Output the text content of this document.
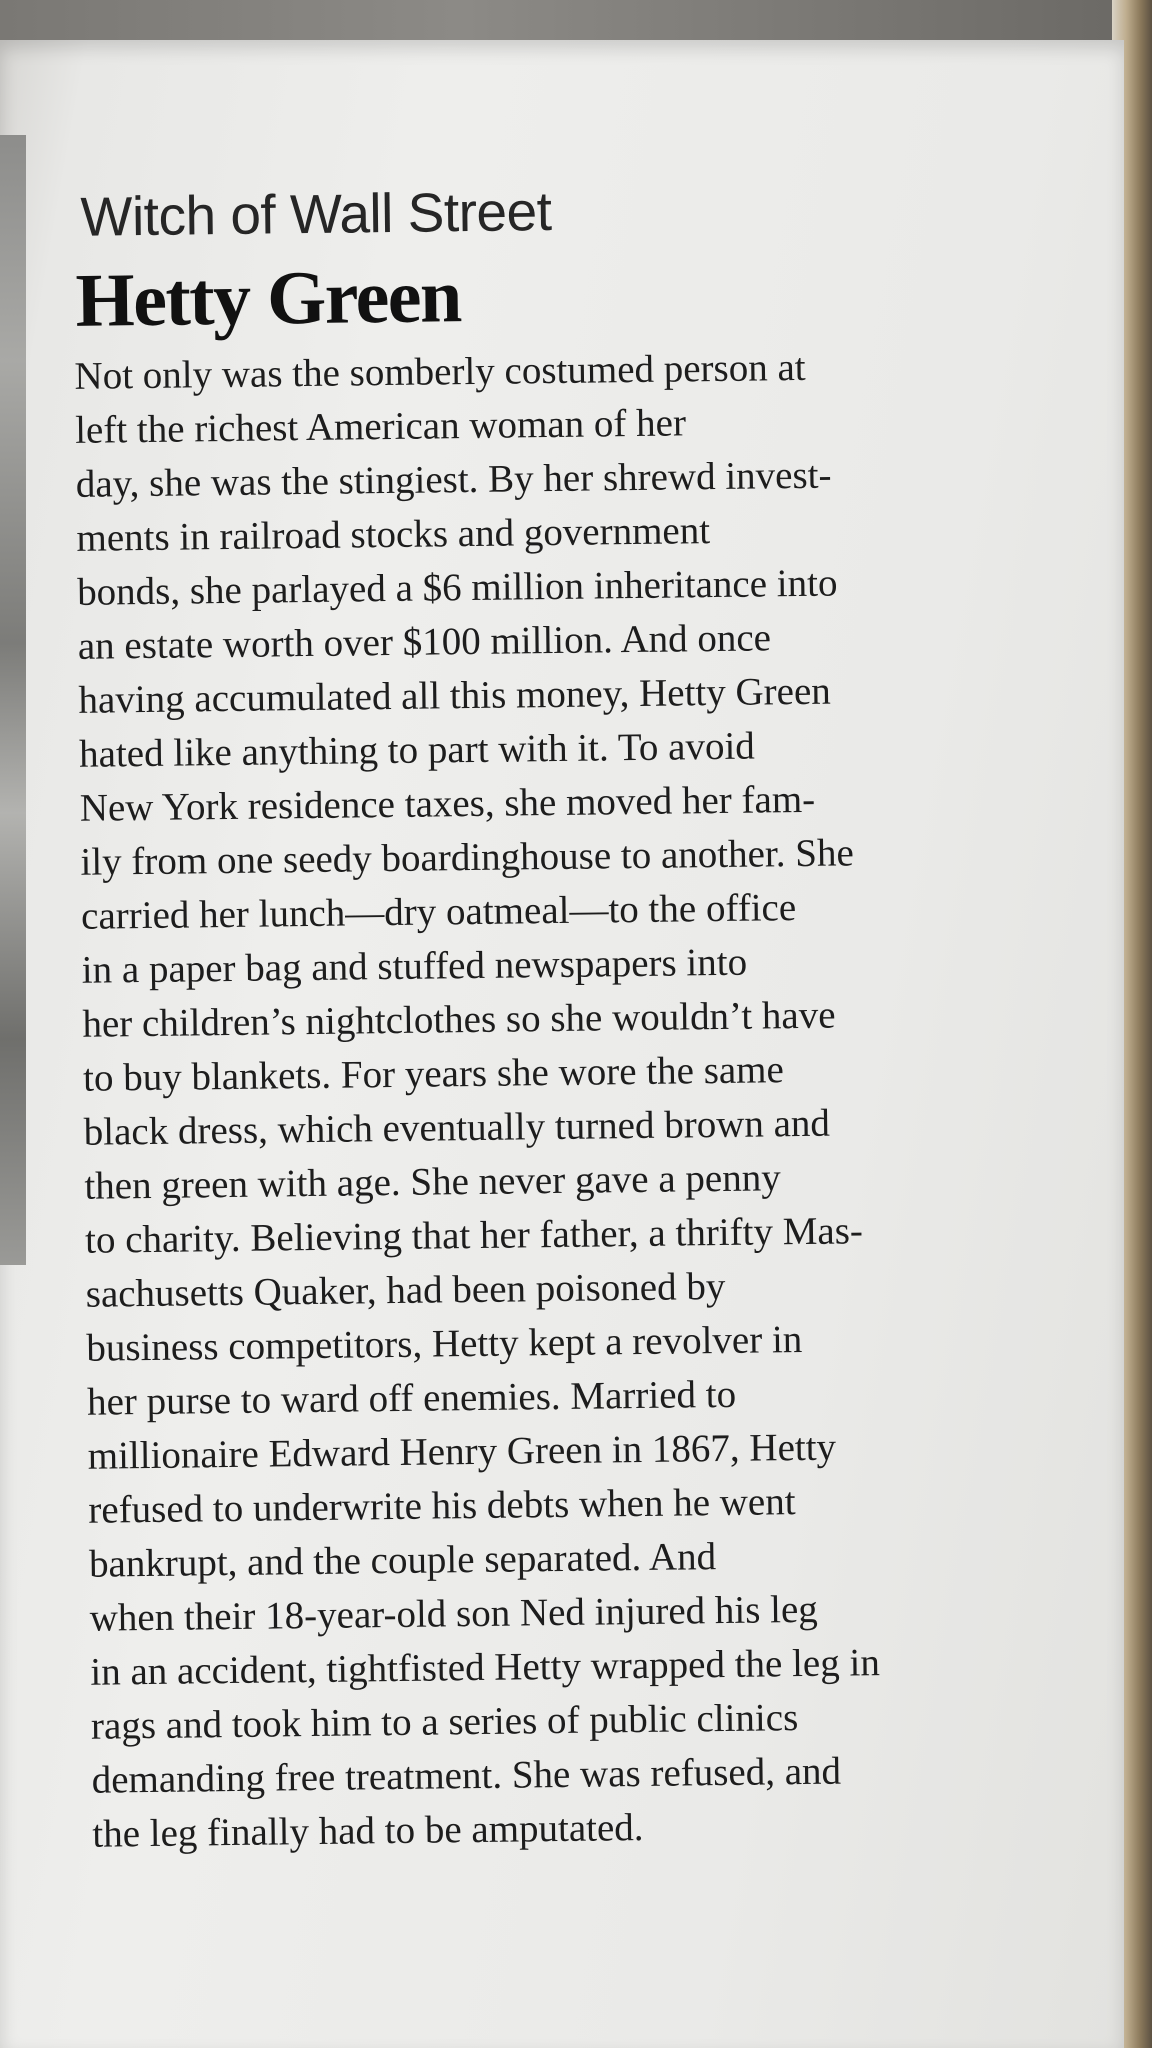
Witch of Wall Street
Hetty Green
Not only was the somberly costumed person at
left the richest American woman of her
day, she was the stingiest. By her shrewd invest-
ments in railroad stocks and government
bonds, she parlayed a $6 million inheritance into
an estate worth over $100 million. And once
having accumulated all this money, Hetty Green
hated like anything to part with it. To avoid
New York residence taxes, she moved her fam-
ily from one seedy boardinghouse to another. She
carried her lunch—dry oatmeal—to the office
in a paper bag and stuffed newspapers into
her children’s nightclothes so she wouldn’t have
to buy blankets. For years she wore the same
black dress, which eventually turned brown and
then green with age. She never gave a penny
to charity. Believing that her father, a thrifty Mas-
sachusetts Quaker, had been poisoned by
business competitors, Hetty kept a revolver in
her purse to ward off enemies. Married to
millionaire Edward Henry Green in 1867, Hetty
refused to underwrite his debts when he went
bankrupt, and the couple separated. And
when their 18-year-old son Ned injured his leg
in an accident, tightfisted Hetty wrapped the leg in
rags and took him to a series of public clinics
demanding free treatment. She was refused, and
the leg finally had to be amputated.
